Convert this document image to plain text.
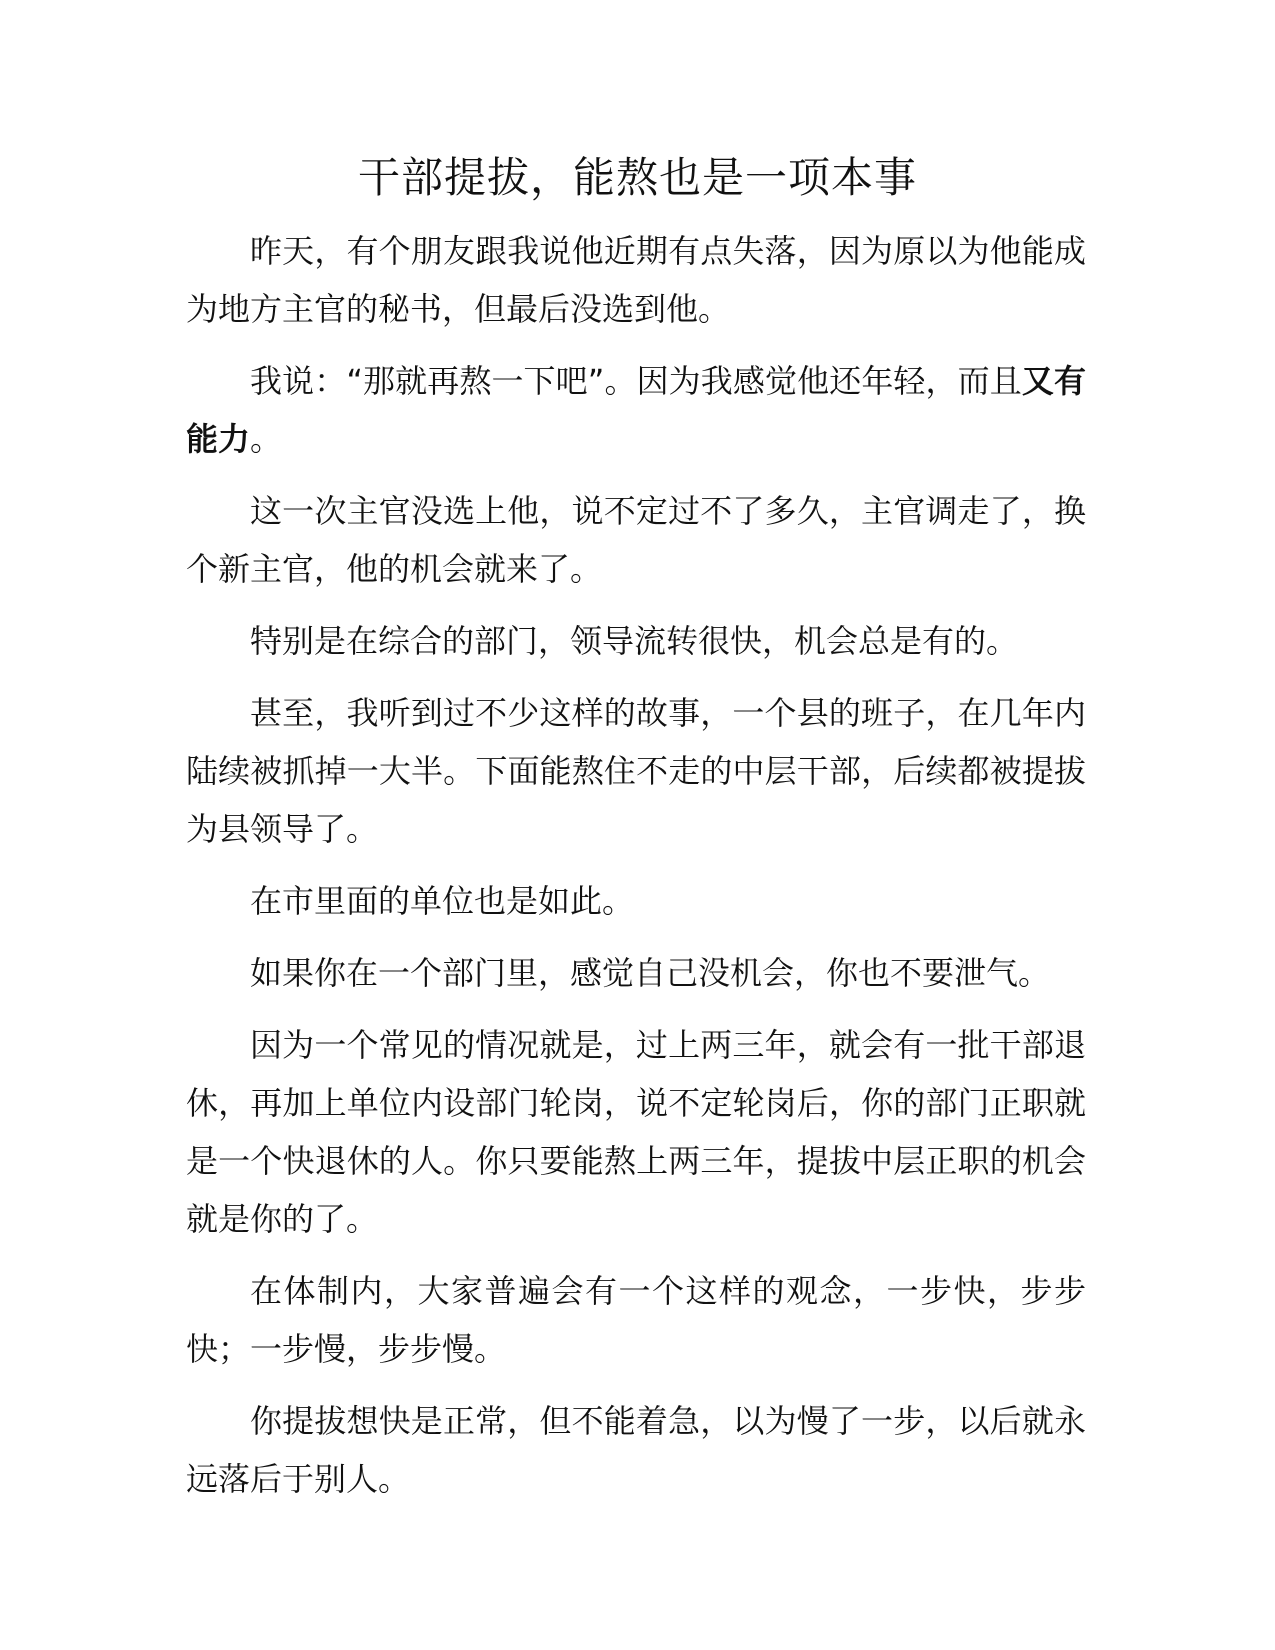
干部提拔，能熬也是一项本事

昨天，有个朋友跟我说他近期有点失落，因为原以为他能成为地方主官的秘书，但最后没选到他。

我说：“那就再熬一下吧”。因为我感觉他还年轻，而且又有能力。

这一次主官没选上他，说不定过不了多久，主官调走了，换个新主官，他的机会就来了。

特别是在综合的部门，领导流转很快，机会总是有的。

甚至，我听到过不少这样的故事，一个县的班子，在几年内陆续被抓掉一大半。下面能熬住不走的中层干部，后续都被提拔为县领导了。

在市里面的单位也是如此。

如果你在一个部门里，感觉自己没机会，你也不要泄气。

因为一个常见的情况就是，过上两三年，就会有一批干部退休，再加上单位内设部门轮岗，说不定轮岗后，你的部门正职就是一个快退休的人。你只要能熬上两三年，提拔中层正职的机会就是你的了。

在体制内，大家普遍会有一个这样的观念，一步快，步步快；一步慢，步步慢。

你提拔想快是正常，但不能着急，以为慢了一步，以后就永远落后于别人。
